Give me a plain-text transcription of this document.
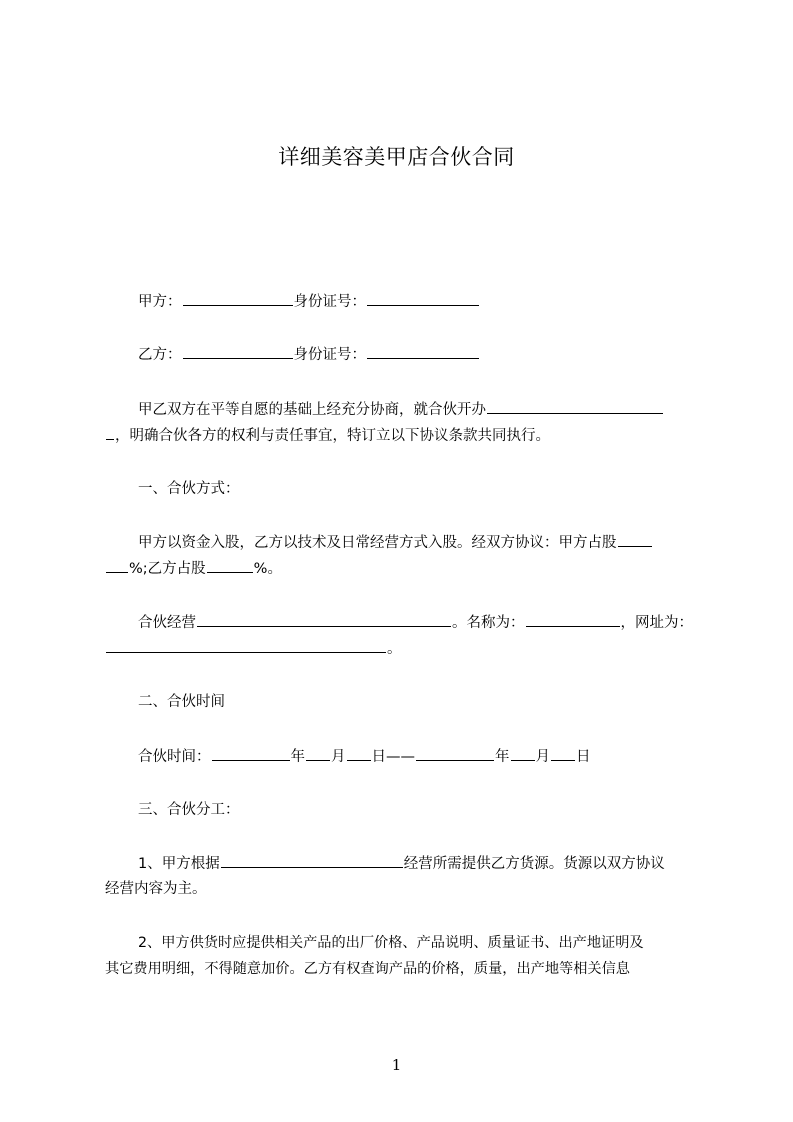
详细美容美甲店合伙合同
甲方：	身份证号：
乙方：	身份证号：
甲乙双方在平等自愿的基础上经充分协商，就合伙开办
，明确合伙各方的权利与责任事宜，特订立以下协议条款共同执行。
一、合伙方式：
甲方以资金入股，乙方以技术及日常经营方式入股。经双方协议：甲方占股
%;乙方占股	%。
合伙经营	。名称为：	，网址为：
。
二、合伙时间
合伙时间：	年 月 日——	年 月 日
三、合伙分工：
1、甲方根据	经营所需提供乙方货源。货源以双方协议
经营内容为主。
2、甲方供货时应提供相关产品的出厂价格、产品说明、质量证书、出产地证明及
其它费用明细，不得随意加价。乙方有权查询产品的价格，质量，出产地等相关信息
1
